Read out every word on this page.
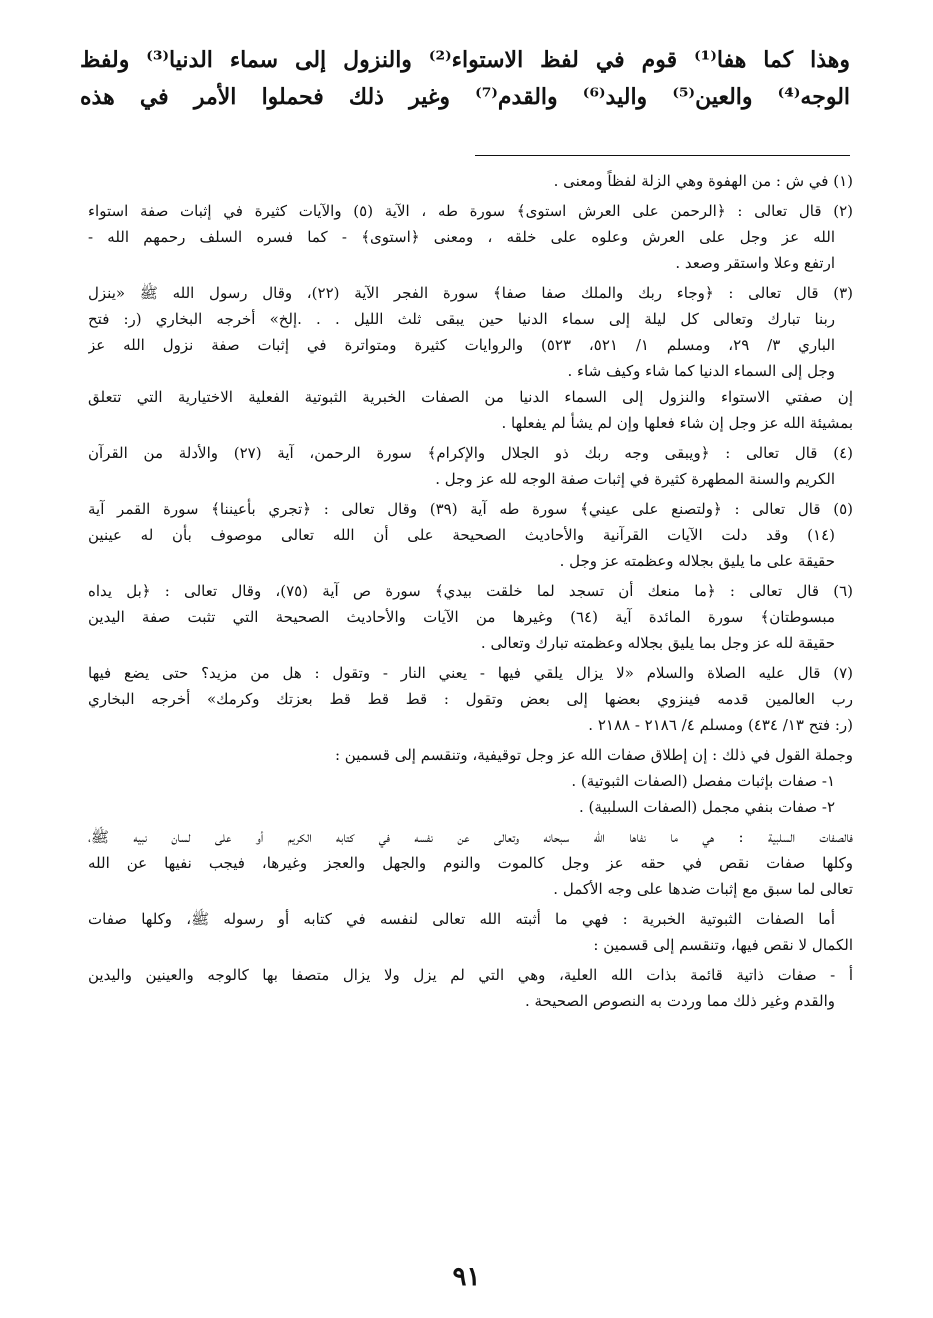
وهذا كما هفا⁽¹⁾ قوم في لفظ الاستواء⁽²⁾ والنزول إلى سماء الدنيا⁽³⁾ ولفظ
الوجه⁽⁴⁾ والعين⁽⁵⁾ واليد⁽⁶⁾ والقدم⁽⁷⁾ وغير ذلك فحملوا الأمر في هذه
(١) في ش : من الهفوة وهي الزلة لفظاً ومعنى .
(٢) قال تعالى : ﴿الرحمن على العرش استوى﴾ سورة طه ، الآية (٥) والآيات كثيرة في إثبات صفة استواء
الله عز وجل على العرش وعلوه على خلقه ، ومعنى ﴿استوى﴾ - كما فسره السلف رحمهم الله -
ارتفع وعلا واستقر وصعد .
(٣) قال تعالى : ﴿وجاء ربك والملك صفا صفا﴾ سورة الفجر الآية (٢٢)، وقال رسول الله ﷺ «ينزل
ربنا تبارك وتعالى كل ليلة إلى سماء الدنيا حين يبقى ثلث الليل . . .إلخ» أخرجه البخاري (ر: فتح
الباري ٣/ ٢٩، ومسلم ١/ ٥٢١، ٥٢٣) والروايات كثيرة ومتواترة في إثبات صفة نزول الله عز
وجل إلى السماء الدنيا كما شاء وكيف شاء .
إن صفتي الاستواء والنزول إلى السماء الدنيا من الصفات الخبرية الثبوتية الفعلية الاختيارية التي تتعلق
بمشيئة الله عز وجل إن شاء فعلها وإن لم يشأ لم يفعلها .
(٤) قال تعالى : ﴿ويبقى وجه ربك ذو الجلال والإكرام﴾ سورة الرحمن، آية (٢٧) والأدلة من القرآن
الكريم والسنة المطهرة كثيرة في إثبات صفة الوجه لله عز وجل .
(٥) قال تعالى : ﴿ولتصنع على عيني﴾ سورة طه آية (٣٩) وقال تعالى : ﴿تجري بأعيننا﴾ سورة القمر آية
(١٤) وقد دلت الآيات القرآنية والأحاديث الصحيحة على أن الله تعالى موصوف بأن له عينين
حقيقة على ما يليق بجلاله وعظمته عز وجل .
(٦) قال تعالى : ﴿ما منعك أن تسجد لما خلقت بيدي﴾ سورة ص آية (٧٥)، وقال تعالى : ﴿بل يداه
مبسوطتان﴾ سورة المائدة آية (٦٤) وغيرها من الآيات والأحاديث الصحيحة التي تثبت صفة اليدين
حقيقة لله عز وجل بما يليق بجلاله وعظمته تبارك وتعالى .
(٧) قال عليه الصلاة والسلام «لا يزال يلقي فيها - يعني النار - وتقول : هل من مزيد؟ حتى يضع فيها
رب العالمين قدمه فينزوي بعضها إلى بعض وتقول : قط قط قط بعزتك وكرمك» أخرجه البخاري
(ر: فتح ١٣/ ٤٣٤) ومسلم ٤/ ٢١٨٦ - ٢١٨٨ .
وجملة القول في ذلك : إن إطلاق صفات الله عز وجل توقيفية، وتنقسم إلى قسمين :
١- صفات بإثبات مفصل (الصفات الثبوتية) .
٢- صفات بنفي مجمل (الصفات السلبية) .
فالصفات السلبية : هي ما نفاها الله سبحانه وتعالى عن نفسه في كتابه الكريم أو على لسان نبيه ﷺ،
وكلها صفات نقص في حقه عز وجل كالموت والنوم والجهل والعجز وغيرها، فيجب نفيها عن الله
تعالى لما سبق مع إثبات ضدها على وجه الأكمل .
أما الصفات الثبوتية الخبرية : فهي ما أثبته الله تعالى لنفسه في كتابه أو رسوله ﷺ، وكلها صفات
الكمال لا نقص فيها، وتنقسم إلى قسمين :
أ - صفات ذاتية قائمة بذات الله العلية، وهي التي لم يزل ولا يزال متصفا بها كالوجه والعينين واليدين
والقدم وغير ذلك مما وردت به النصوص الصحيحة .
٩١
